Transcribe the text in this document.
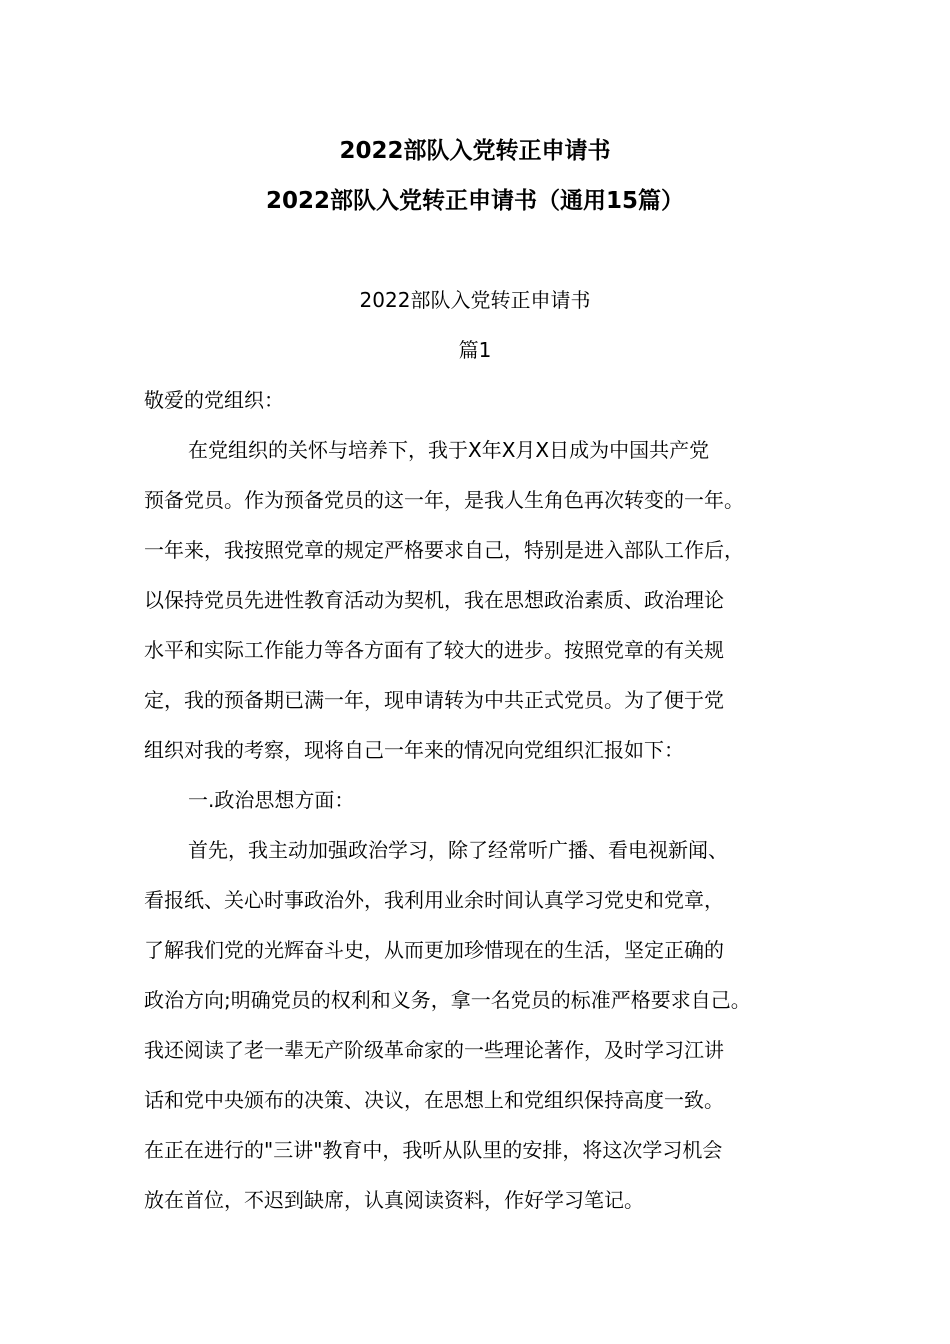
2022部队入党转正申请书
2022部队入党转正申请书（通用15篇）
2022部队入党转正申请书
篇1
敬爱的党组织：
在党组织的关怀与培养下，我于X年X月X日成为中国共产党
预备党员。作为预备党员的这一年，是我人生角色再次转变的一年。
一年来，我按照党章的规定严格要求自己，特别是进入部队工作后，
以保持党员先进性教育活动为契机，我在思想政治素质、政治理论
水平和实际工作能力等各方面有了较大的进步。按照党章的有关规
定，我的预备期已满一年，现申请转为中共正式党员。为了便于党
组织对我的考察，现将自己一年来的情况向党组织汇报如下：
一.政治思想方面：
首先，我主动加强政治学习，除了经常听广播、看电视新闻、
看报纸、关心时事政治外，我利用业余时间认真学习党史和党章，
了解我们党的光辉奋斗史，从而更加珍惜现在的生活，坚定正确的
政治方向;明确党员的权利和义务，拿一名党员的标准严格要求自己。
我还阅读了老一辈无产阶级革命家的一些理论著作，及时学习江讲
话和党中央颁布的决策、决议，在思想上和党组织保持高度一致。
在正在进行的"三讲"教育中，我听从队里的安排，将这次学习机会
放在首位，不迟到缺席，认真阅读资料，作好学习笔记。
